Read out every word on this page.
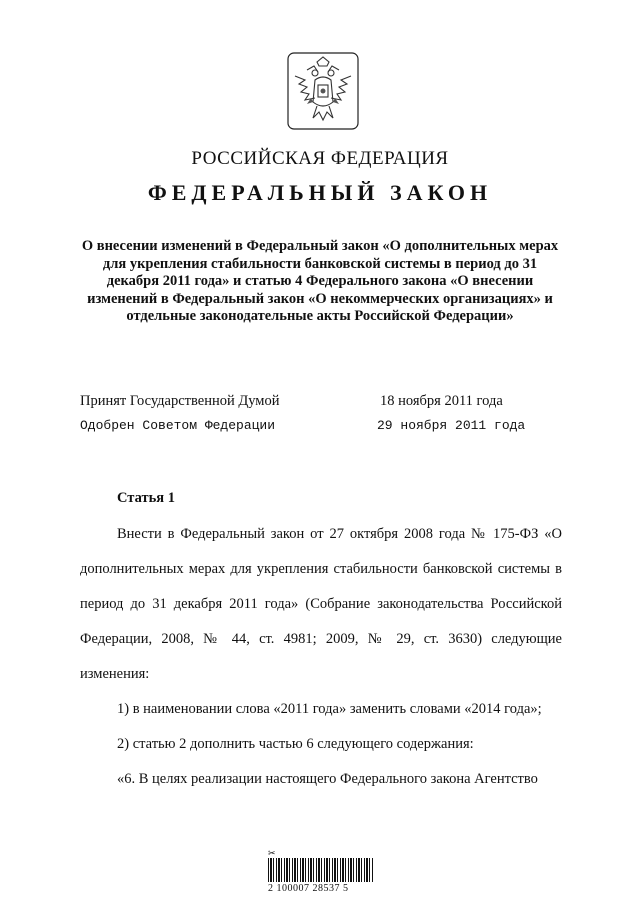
РОССИЙСКАЯ ФЕДЕРАЦИЯ
ФЕДЕРАЛЬНЫЙ ЗАКОН
О внесении изменений в Федеральный закон «О дополнительных мерах для укрепления стабильности банковской системы в период до 31 декабря 2011 года» и статью 4 Федерального закона «О внесении изменений в Федеральный закон «О некоммерческих организациях» и отдельные законодательные акты Российской Федерации»
Принят Государственной Думой	18 ноября 2011 года
Одобрен Советом Федерации	29 ноября 2011 года
Статья 1

Внести в Федеральный закон от 27 октября 2008 года № 175-ФЗ «О дополнительных мерах для укрепления стабильности банковской системы в период до 31 декабря 2011 года» (Собрание законодательства Российской Федерации, 2008, № 44, ст. 4981; 2009, № 29, ст. 3630) следующие изменения:

1) в наименовании слова «2011 года» заменить словами «2014 года»;

2) статью 2 дополнить частью 6 следующего содержания:

«6. В целях реализации настоящего Федерального закона Агентство

✂
2 100007 28537 5
